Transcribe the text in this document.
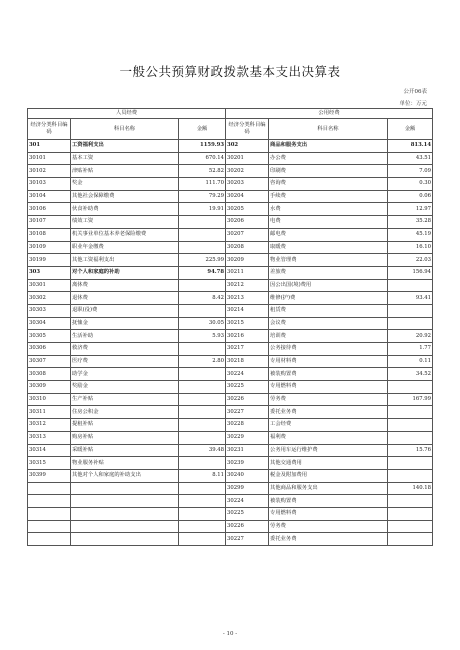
一般公共预算财政拨款基本支出决算表
公开06表
单位：万元
人员经费			公用经费		
经济分类科目编码	科目名称	金额	经济分类科目编码	科目名称	金额
301	工资福利支出	1159.93	302	商品和服务支出	813.14
30101	基本工资	670.14	30201	办公费	43.51
30102	津贴补贴	52.82	30202	印刷费	7.09
30103	奖金	111.70	30203	咨询费	0.30
30104	其他社会保障缴费	79.29	30204	手续费	0.06
30106	伙食补助费	19.91	30205	水费	12.97
30107	绩效工资		30206	电费	35.28
30108	机关事业单位基本养老保险缴费		30207	邮电费	45.19
30109	职业年金缴费		30208	取暖费	16.10
30199	其他工资福利支出	225.99	30209	物业管理费	22.03
303	对个人和家庭的补助	94.78	30211	差旅费	156.94
30301	离休费		30212	因公出国(境)费用	
30302	退休费	8.42	30213	维修(护)费	93.41
30303	退职(役)费		30214	租赁费	
30304	抚恤金	30.05	30215	会议费	
30305	生活补助	5.93	30216	培训费	20.92
30306	救济费		30217	公务接待费	1.77
30307	医疗费	2.80	30218	专用材料费	0.11
30308	助学金		30224	被装购置费	34.52
30309	奖励金		30225	专用燃料费	
30310	生产补贴		30226	劳务费	167.99
30311	住房公积金		30227	委托业务费	
30312	提租补贴		30228	工会经费	
30313	购房补贴		30229	福利费	
30314	采暖补贴	39.48	30231	公务用车运行维护费	15.76
30315	物业服务补贴		30239	其他交通费用	
30399	其他对个人和家庭的补助支出	8.11	30240	税金及附加费用	
			30299	其他商品和服务支出	140.18
			30224	被装购置费	
			30225	专用燃料费	
			30226	劳务费	
			30227	委托业务费	
- 10 -
